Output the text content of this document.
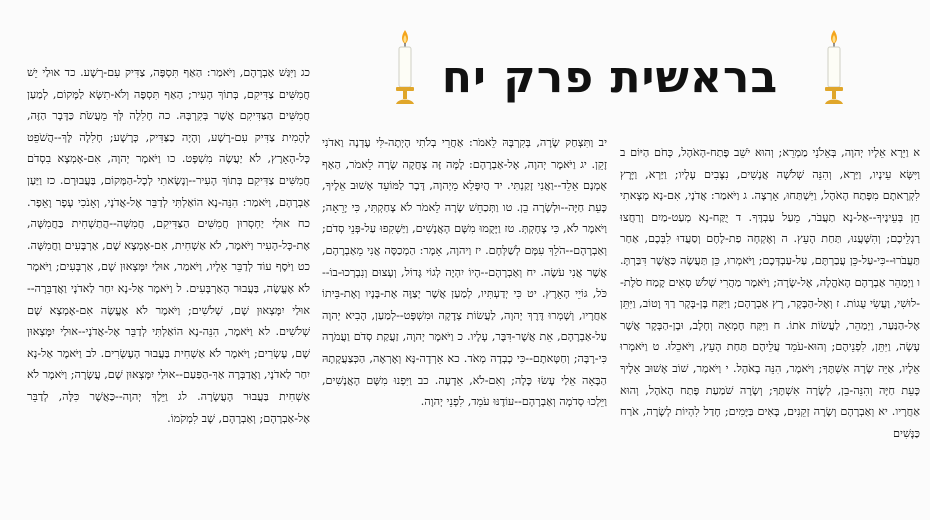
בראשית פרק יח
א וַיֵּרָא אֵלָיו יְהוָה, בְּאֵלֹנֵי מַמְרֵא; וְהוּא יֹשֵׁב פֶּתַח-הָאֹהֶל, כְּחֹם הַיּוֹם ב וַיִּשָּׂא עֵינָיו, וַיַּרְא, וְהִנֵּה שְׁלֹשָׁה אֲנָשִׁים, נִצָּבִים עָלָיו; וַיַּרְא, וַיָּרָץ לִקְרָאתָם מִפֶּתַח הָאֹהֶל, וַיִּשְׁתַּחוּ, אָרְצָה. ג וַיֹּאמַר: אֲדֹנָי, אִם-נָא מָצָאתִי חֵן בְּעֵינֶיךָ--אַל-נָא תַעֲבֹר, מֵעַל עַבְדֶּךָ. ד יֻקַּח-נָא מְעַט-מַיִם וְרַחֲצוּ רַגְלֵיכֶם; וְהִשָּׁעֲנוּ, תַּחַת הָעֵץ. ה וְאֶקְחָה פַת-לֶחֶם וְסַעֲדוּ לִבְּכֶם, אַחַר תַּעֲבֹרוּ--כִּי-עַל-כֵּן עֲבַרְתֶּם, עַל-עַבְדְּכֶם; וַיֹּאמְרוּ, כֵּן תַּעֲשֶׂה כַּאֲשֶׁר דִּבַּרְתָּ. ו וַיְמַהֵר אַבְרָהָם הָאֹהֱלָה, אֶל-שָׂרָה; וַיֹּאמֶר מַהֲרִי שְׁלֹשׁ סְאִים קֶמַח סֹלֶת--לוּשִׁי, וַעֲשִׂי עֻגוֹת. ז וְאֶל-הַבָּקָר, רָץ אַבְרָהָם; וַיִּקַּח בֶּן-בָּקָר רַךְ וָטוֹב, וַיִּתֵּן אֶל-הַנַּעַר, וַיְמַהֵר, לַעֲשׂוֹת אֹתוֹ. ח וַיִּקַּח חֶמְאָה וְחָלָב, וּבֶן-הַבָּקָר אֲשֶׁר עָשָׂה, וַיִּתֵּן, לִפְנֵיהֶם; וְהוּא-עֹמֵד עֲלֵיהֶם תַּחַת הָעֵץ, וַיֹּאכֵלוּ. ט וַיֹּאמְרוּ אֵלָיו, אַיֵּה שָׂרָה אִשְׁתֶּךָ; וַיֹּאמֶר, הִנֵּה בָאֹהֶל. י וַיֹּאמֶר, שׁוֹב אָשׁוּב אֵלֶיךָ כָּעֵת חַיָּה וְהִנֵּה-בֵן, לְשָׂרָה אִשְׁתֶּךָ; וְשָׂרָה שֹׁמַעַת פֶּתַח הָאֹהֶל, וְהוּא אַחֲרָיו. יא וְאַבְרָהָם וְשָׂרָה זְקֵנִים, בָּאִים בַּיָּמִים; חָדַל לִהְיוֹת לְשָׂרָה, אֹרַח כַּנָּשִׁים
יב וַתִּצְחַק שָׂרָה, בְּקִרְבָּהּ לֵאמֹר: אַחֲרֵי בְלֹתִי הָיְתָה-לִּי עֶדְנָה וַאדֹנִי זָקֵן. יג וַיֹּאמֶר יְהוָה, אֶל-אַבְרָהָם: לָמָּה זֶּה צָחֲקָה שָׂרָה לֵאמֹר, הַאַף אֻמְנָם אֵלֵד--וַאֲנִי זָקַנְתִּי. יד הֲיִפָּלֵא מֵיְהוָה, דָּבָר לַמּוֹעֵד אָשׁוּב אֵלֶיךָ, כָּעֵת חַיָּה--וּלְשָׂרָה בֵן. טו וַתְּכַחֵשׁ שָׂרָה לֵאמֹר לֹא צָחַקְתִּי, כִּי יָרֵאָה; וַיֹּאמֶר לֹא, כִּי צָחָקְתְּ. טז וַיָּקֻמוּ מִשָּׁם הָאֲנָשִׁים, וַיַּשְׁקִפוּ עַל-פְּנֵי סְדֹם; וְאַבְרָהָם--הֹלֵךְ עִמָּם לְשַׁלְּחָם. יז וַיהוָה, אָמָר: הַמְכַסֶּה אֲנִי מֵאַבְרָהָם, אֲשֶׁר אֲנִי עֹשֶׂה. יח וְאַבְרָהָם--הָיוֹ יִהְיֶה לְגוֹי גָּדוֹל, וְעָצוּם וְנִבְרְכוּ-בוֹ--כֹּל, גּוֹיֵי הָאָרֶץ. יט כִּי יְדַעְתִּיו, לְמַעַן אֲשֶׁר יְצַוֶּה אֶת-בָּנָיו וְאֶת-בֵּיתוֹ אַחֲרָיו, וְשָׁמְרוּ דֶּרֶךְ יְהוָה, לַעֲשׂוֹת צְדָקָה וּמִשְׁפָּט--לְמַעַן, הָבִיא יְהוָה עַל-אַבְרָהָם, אֵת אֲשֶׁר-דִּבֶּר, עָלָיו. כ וַיֹּאמֶר יְהוָה, זַעֲקַת סְדֹם וַעֲמֹרָה כִּי-רָבָּה; וְחַטָּאתָם--כִּי כָבְדָה מְאֹד. כא אֵרְדָה-נָּא וְאֶרְאֶה, הַכְּצַעֲקָתָהּ הַבָּאָה אֵלַי עָשׂוּ כָּלָה; וְאִם-לֹא, אֵדָעָה. כב וַיִּפְנוּ מִשָּׁם הָאֲנָשִׁים, וַיֵּלְכוּ סְדֹמָה וְאַבְרָהָם--עוֹדֶנּוּ עֹמֵד, לִפְנֵי יְהוָה.
כג וַיִּגַּשׁ אַבְרָהָם, וַיֹּאמַר: הַאַף תִּסְפֶּה, צַדִּיק עִם-רָשָׁע. כד אוּלַי יֵשׁ חֲמִשִּׁים צַדִּיקִם, בְּתוֹךְ הָעִיר; הַאַף תִּסְפֶּה וְלֹא-תִשָּׂא לַמָּקוֹם, לְמַעַן חֲמִשִּׁים הַצַּדִּיקִם אֲשֶׁר בְּקִרְבָּהּ. כה חָלִלָה לְּךָ מֵעֲשֹׂת כַּדָּבָר הַזֶּה, לְהָמִית צַדִּיק עִם-רָשָׁע, וְהָיָה כַצַּדִּיק, כָּרָשָׁע; חָלִלָה לָּךְ--הֲשֹׁפֵט כָּל-הָאָרֶץ, לֹא יַעֲשֶׂה מִשְׁפָּט. כו וַיֹּאמֶר יְהוָה, אִם-אֶמְצָא בִסְדֹם חֲמִשִּׁים צַדִּיקִם בְּתוֹךְ הָעִיר--וְנָשָׂאתִי לְכָל-הַמָּקוֹם, בַּעֲבוּרָם. כז וַיַּעַן אַבְרָהָם, וַיֹּאמַר: הִנֵּה-נָא הוֹאַלְתִּי לְדַבֵּר אֶל-אֲדֹנָי, וְאָנֹכִי עָפָר וָאֵפֶר. כח אוּלַי יַחְסְרוּן חֲמִשִּׁים הַצַּדִּיקִם, חֲמִשָּׁה--הֲתַשְׁחִית בַּחֲמִשָּׁה, אֶת-כָּל-הָעִיר וַיֹּאמֶר, לֹא אַשְׁחִית, אִם-אֶמְצָא שָׁם, אַרְבָּעִים וַחֲמִשָּׁה. כט וַיֹּסֶף עוֹד לְדַבֵּר אֵלָיו, וַיֹּאמַר, אוּלַי יִמָּצְאוּן שָׁם, אַרְבָּעִים; וַיֹּאמֶר לֹא אֶעֱשֶׂה, בַּעֲבוּר הָאַרְבָּעִים. ל וַיֹּאמֶר אַל-נָא יִחַר לַאדֹנָי וַאֲדַבֵּרָה--אוּלַי יִמָּצְאוּן שָׁם, שְׁלֹשִׁים; וַיֹּאמֶר לֹא אֶעֱשֶׂה אִם-אֶמְצָא שָׁם שְׁלֹשִׁים. לא וַיֹּאמֶר, הִנֵּה-נָא הוֹאַלְתִּי לְדַבֵּר אֶל-אֲדֹנָי--אוּלַי יִמָּצְאוּן שָׁם, עֶשְׂרִים; וַיֹּאמֶר לֹא אַשְׁחִית בַּעֲבוּר הָעֶשְׂרִים. לב וַיֹּאמֶר אַל-נָא יִחַר לַאדֹנָי, וַאֲדַבְּרָה אַךְ-הַפַּעַם--אוּלַי יִמָּצְאוּן שָׁם, עֲשָׂרָה; וַיֹּאמֶר לֹא אַשְׁחִית בַּעֲבוּר הָעֲשָׂרָה. לג וַיֵּלֶךְ יְהוָה--כַּאֲשֶׁר כִּלָּה, לְדַבֵּר אֶל-אַבְרָהָם; וְאַבְרָהָם, שָׁב לִמְקֹמוֹ.
